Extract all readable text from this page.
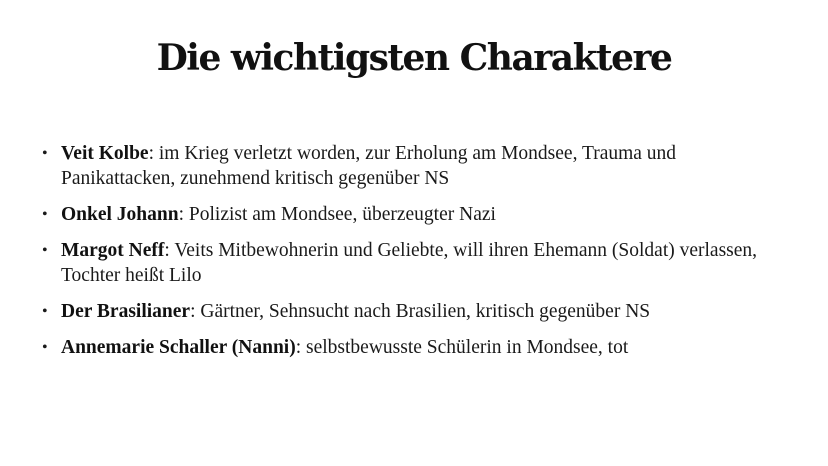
Die wichtigsten Charaktere
• Veit Kolbe: im Krieg verletzt worden, zur Erholung am Mondsee, Trauma und Panikattacken, zunehmend kritisch gegenüber NS
• Onkel Johann: Polizist am Mondsee, überzeugter Nazi
• Margot Neff: Veits Mitbewohnerin und Geliebte, will ihren Ehemann (Soldat) verlassen, Tochter heißt Lilo
• Der Brasilianer: Gärtner, Sehnsucht nach Brasilien, kritisch gegenüber NS
• Annemarie Schaller (Nanni): selbstbewusste Schülerin in Mondsee, tot
